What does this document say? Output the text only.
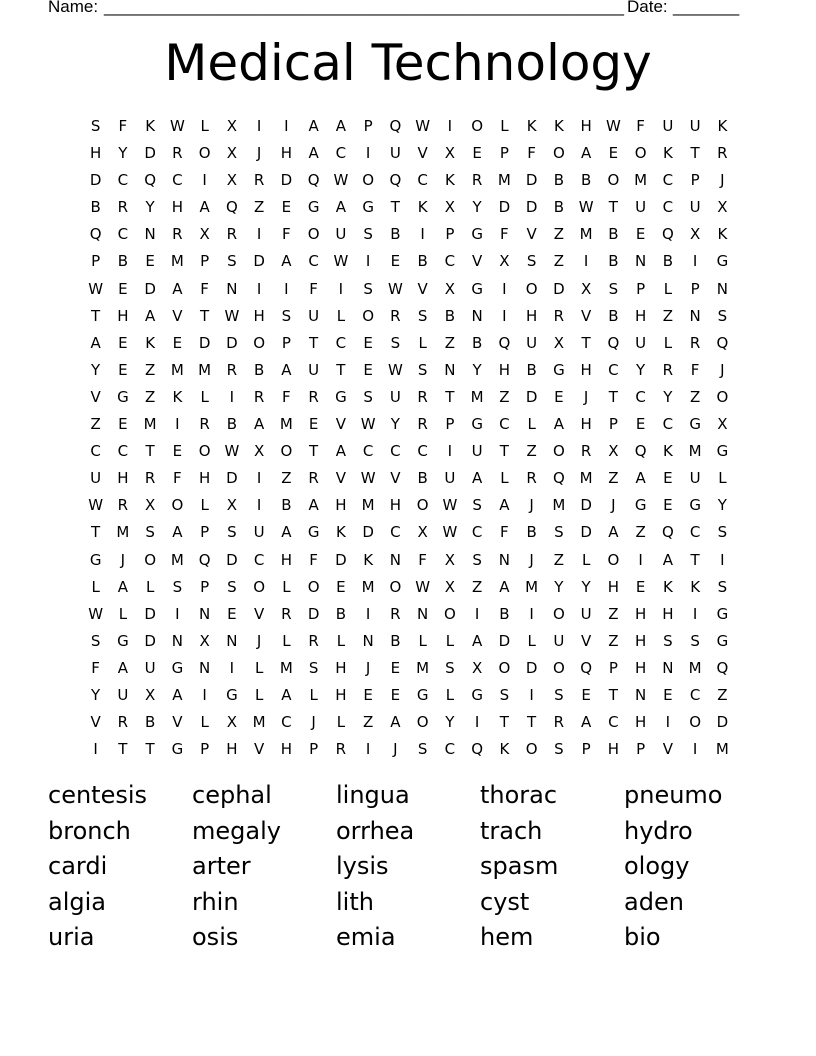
Name: _______________________________________________________ Date: _______
Medical Technology
S	F	K W	L	X	I	I	A	A	P	Q W	I	O	L	K	K	H W	F	U	U	K
H	Y	D	R	O	X	J	H	A	C	I	U	V	X	E	P	F	O	A	E	O	K	T	R
D	C	Q	C	I	X	R	D	Q W O	Q	C	K	R	M	D	B	B	O M	C	P	J
B	R	Y	H	A	Q	Z	E	G	A	G	T	K	X	Y	D	D	B W	T	U	C	U	X
Q	C	N	R	X	R	I	F	O	U	S	B	I	P	G	F	V	Z	M	B	E	Q	X	K
P	B	E	M	P	S	D	A	C W	I	E	B	C	V	X	S	Z	I	B	N	B	I	G
W	E	D	A	F	N	I	I	F	I	S	W V	X	G	I	O	D	X	S	P	L	P	N
T	H	A	V	T	W H	S	U	L	O	R	S	B	N	I	H	R	V	B	H	Z	N	S
A	E	K	E	D	D	O	P	T	C	E	S	L	Z	B	Q	U	X	T	Q	U	L	R	Q
Y	E	Z	M M	R	B	A	U	T	E	W	S	N	Y	H	B	G	H	C	Y	R	F	J
V	G	Z	K	L	I	R	F	R	G	S	U	R	T	M	Z	D	E	J	T	C	Y	Z	O
Z	E	M	I	R	B	A	M	E	V W	Y	R	P	G	C	L	A	H	P	E	C	G	X
C	C	T	E	O W X	O	T	A	C	C	C	I	U	T	Z	O	R	X	Q	K	M G
U	H	R	F	H	D	I	Z	R	V W V	B	U	A	L	R	Q M	Z	A	E	U	L
W R	X	O	L	X	I	B	A	H	M	H	O W	S	A	J	M	D	J	G	E	G	Y
T	M	S	A	P	S	U	A	G	K	D	C	X W C	F	B	S	D	A	Z	Q	C	S
G	J	O M Q	D	C	H	F	D	K	N	F	X	S	N	J	Z	L	O	I	A	T	I
L	A	L	S	P	S	O	L	O	E	M O W X	Z	A	M	Y	Y	H	E	K	K	S
W	L	D	I	N	E	V	R	D	B	I	R	N	O	I	B	I	O	U	Z	H	H	I	G
S	G	D	N	X	N	J	L	R	L	N	B	L	L	A	D	L	U	V	Z	H	S	S	G
F	A	U	G	N	I	L	M	S	H	J	E	M	S	X	O	D	O	Q	P	H	N	M Q
Y	U	X	A	I	G	L	A	L	H	E	E	G	L	G	S	I	S	E	T	N	E	C	Z
V	R	B	V	L	X	M	C	J	L	Z	A	O	Y	I	T	T	R	A	C	H	I	O	D
I	T	T	G	P	H	V	H	P	R	I	J	S	C	Q	K	O	S	P	H	P	V	I	M
centesis	cephal	lingua	thorac	pneumo
bronch	megaly	orrhea	trach	hydro
cardi	arter	lysis	spasm	ology
algia	rhin	lith	cyst	aden
uria	osis	emia	hem	bio
